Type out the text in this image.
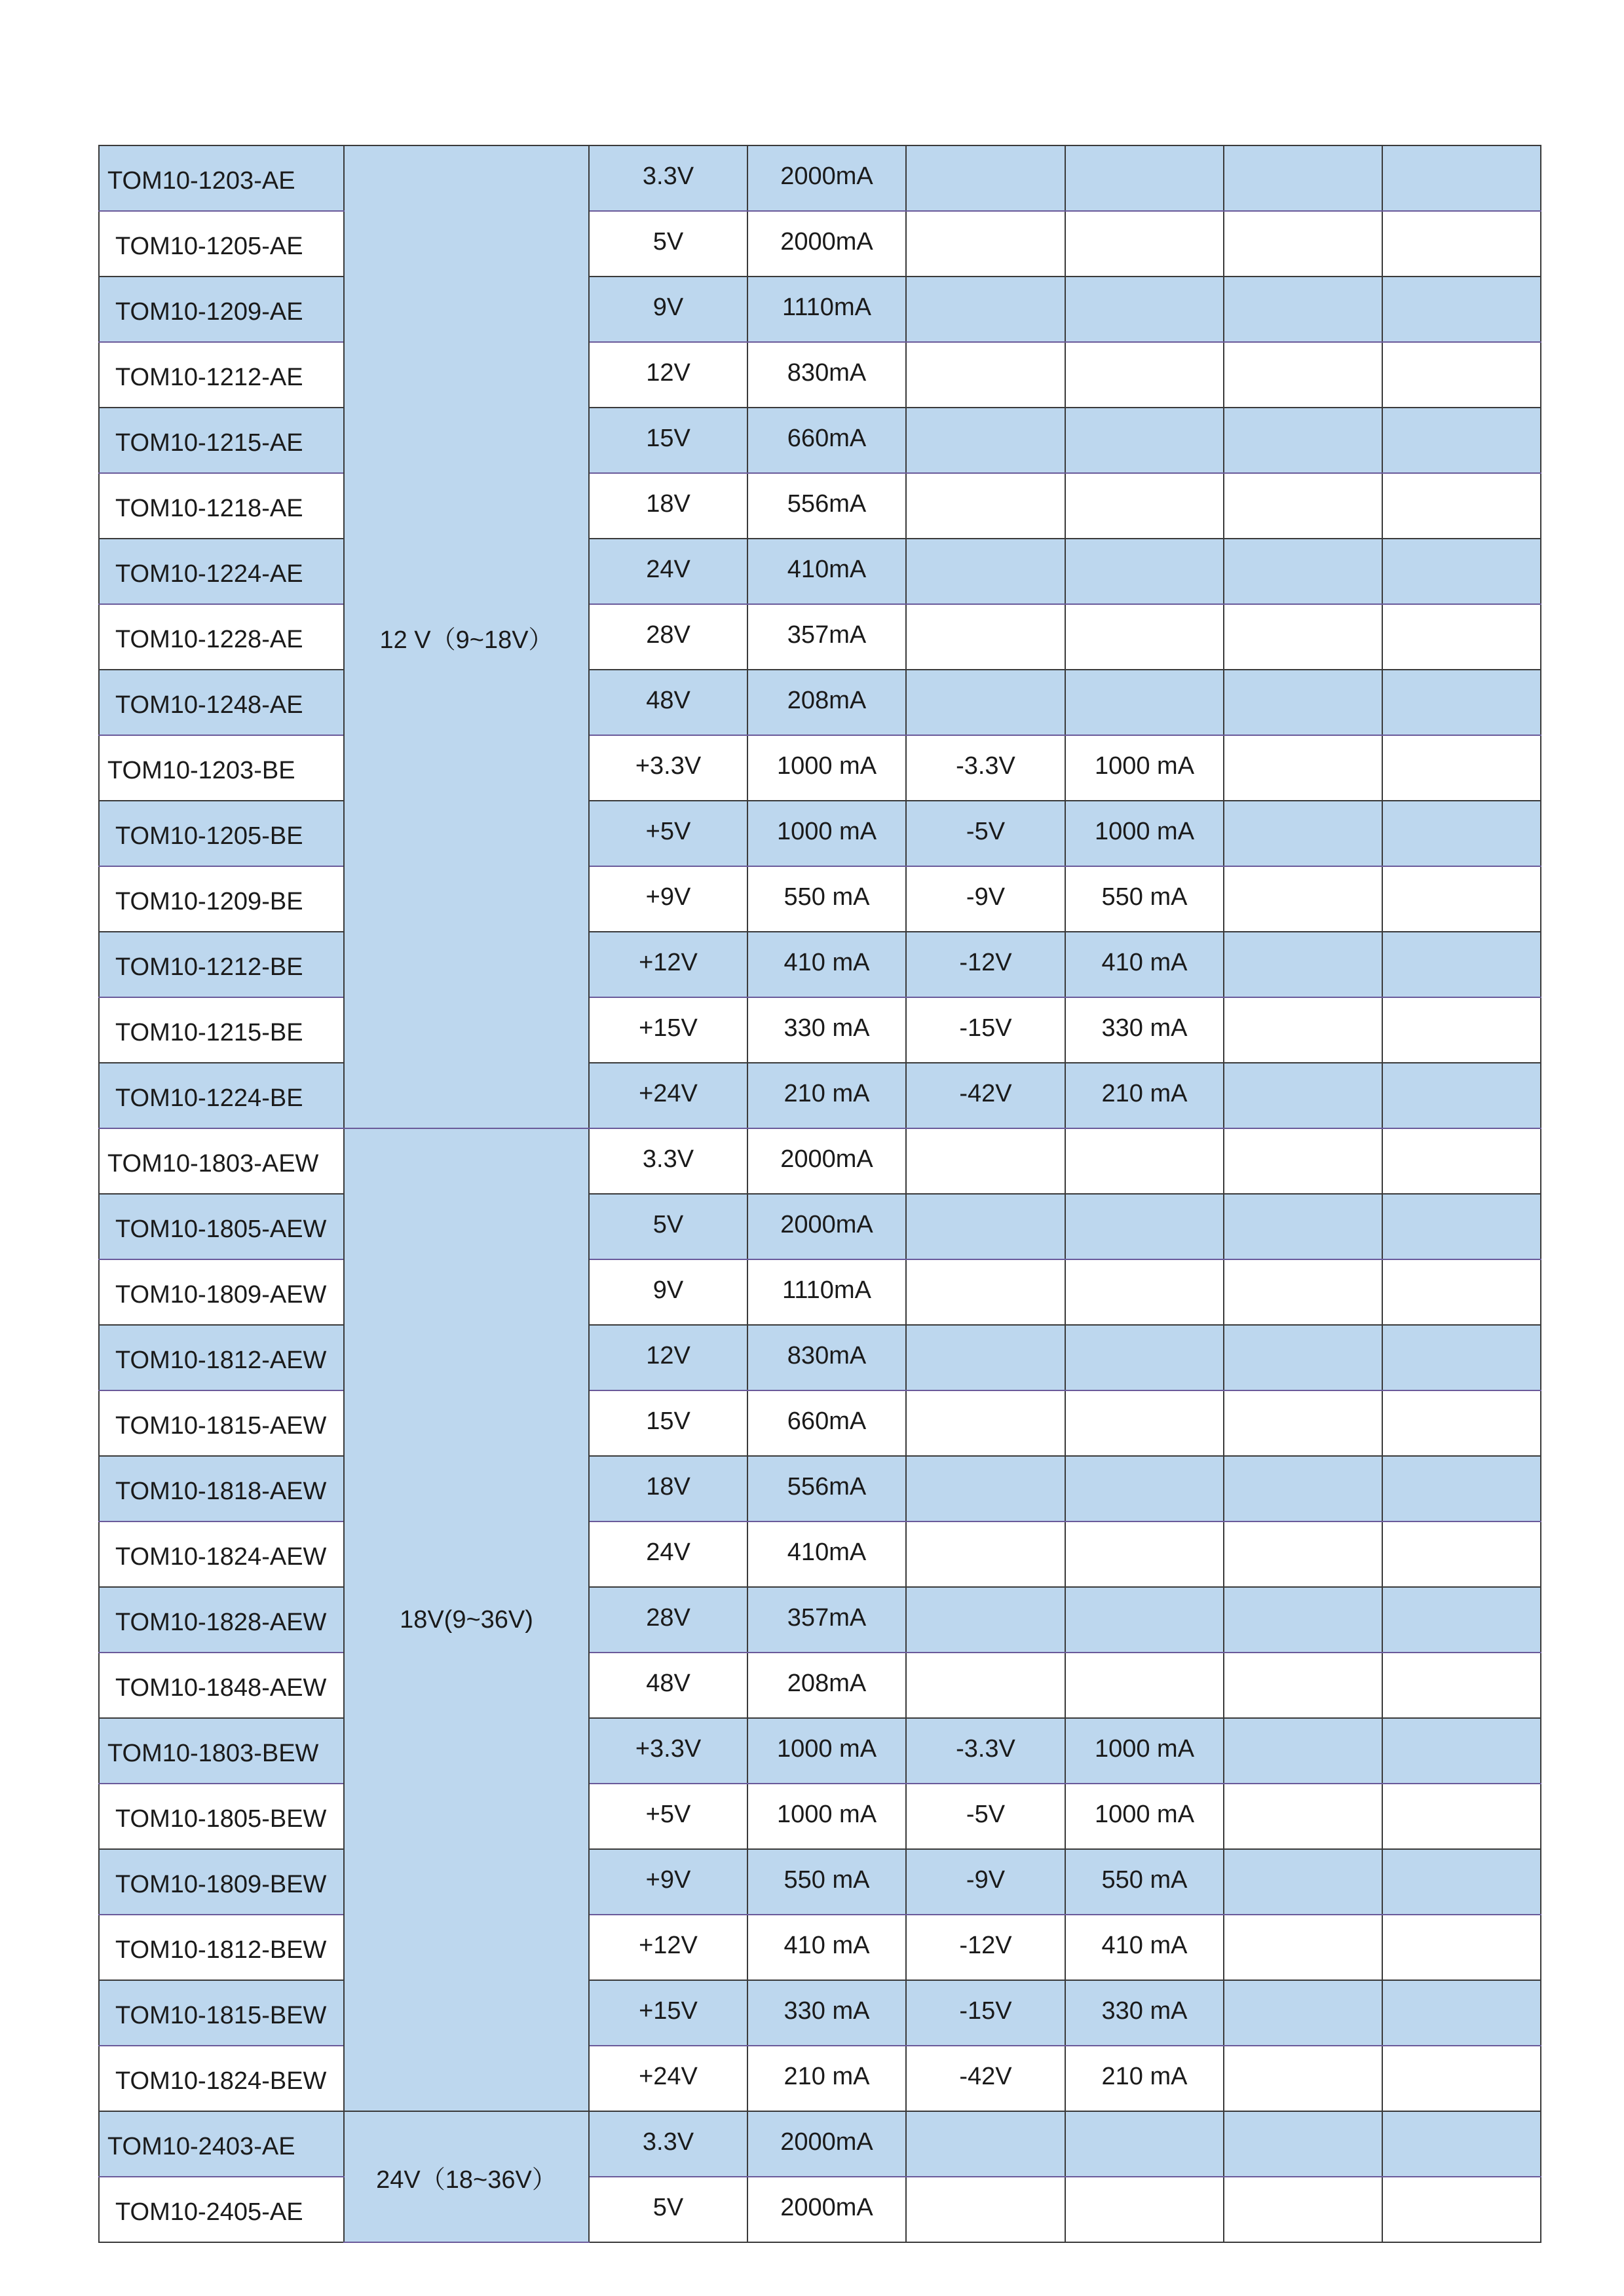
TOM10-1203-AE	12 V（9~18V）	3.3V	2000mA				
TOM10-1205-AE		5V	2000mA				
TOM10-1209-AE		9V	1110mA				
TOM10-1212-AE		12V	830mA				
TOM10-1215-AE		15V	660mA				
TOM10-1218-AE		18V	556mA				
TOM10-1224-AE		24V	410mA				
TOM10-1228-AE		28V	357mA				
TOM10-1248-AE		48V	208mA				
TOM10-1203-BE		+3.3V	1000 mA	-3.3V	1000 mA		
TOM10-1205-BE		+5V	1000 mA	-5V	1000 mA		
TOM10-1209-BE		+9V	550 mA	-9V	550 mA		
TOM10-1212-BE		+12V	410 mA	-12V	410 mA		
TOM10-1215-BE		+15V	330 mA	-15V	330 mA		
TOM10-1224-BE		+24V	210 mA	-42V	210 mA		
TOM10-1803-AEW	18V(9~36V)	3.3V	2000mA				
TOM10-1805-AEW		5V	2000mA				
TOM10-1809-AEW		9V	1110mA				
TOM10-1812-AEW		12V	830mA				
TOM10-1815-AEW		15V	660mA				
TOM10-1818-AEW		18V	556mA				
TOM10-1824-AEW		24V	410mA				
TOM10-1828-AEW		28V	357mA				
TOM10-1848-AEW		48V	208mA				
TOM10-1803-BEW		+3.3V	1000 mA	-3.3V	1000 mA		
TOM10-1805-BEW		+5V	1000 mA	-5V	1000 mA		
TOM10-1809-BEW		+9V	550 mA	-9V	550 mA		
TOM10-1812-BEW		+12V	410 mA	-12V	410 mA		
TOM10-1815-BEW		+15V	330 mA	-15V	330 mA		
TOM10-1824-BEW		+24V	210 mA	-42V	210 mA		
TOM10-2403-AE	24V（18~36V）	3.3V	2000mA				
TOM10-2405-AE		5V	2000mA				
